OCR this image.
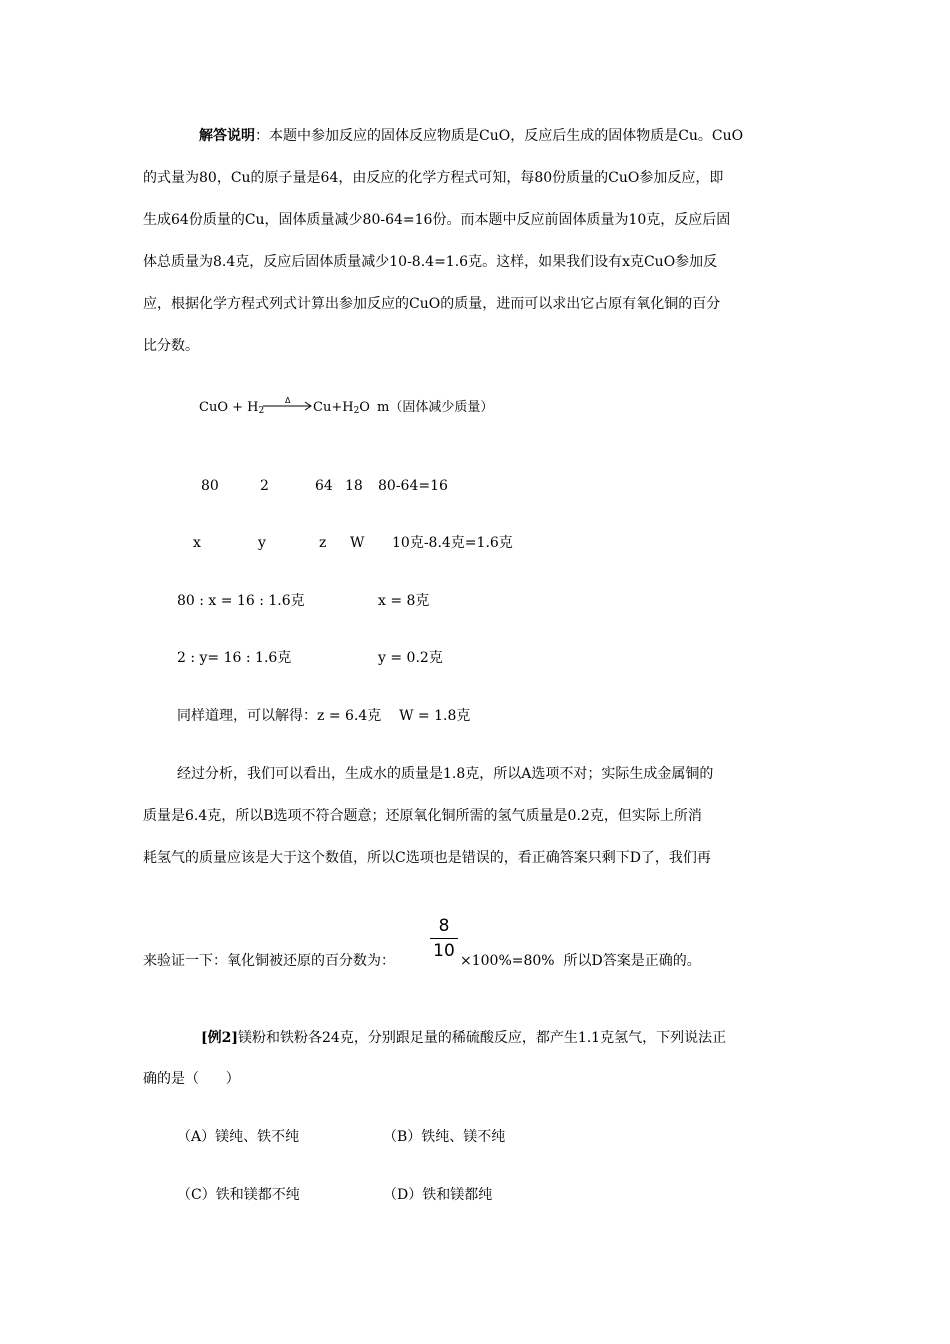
解答说明：本题中参加反应的固体反应物质是CuO，反应后生成的固体物质是Cu。CuO
的式量为80，Cu的原子量是64，由反应的化学方程式可知，每80份质量的CuO参加反应，即
生成64份质量的Cu，固体质量减少80-64=16份。而本题中反应前固体质量为10克，反应后固
体总质量为8.4克，反应后固体质量减少10-8.4=1.6克。这样，如果我们设有x克CuO参加反
应，根据化学方程式列式计算出参加反应的CuO的质量，进而可以求出它占原有氧化铜的百分
比分数。
CuO + $H_2$
Δ $Cu+H_2O$ m（固体减少质量）
80	2	64 18 80-64=16
x	y	z W 10克-8.4克=1.6克
80 : x = 16 : 1.6克	x = 8克
2 : y= 16 : 1.6克	y = 0.2克
同样道理，可以解得：z = 6.4克    W = 1.8克
经过分析，我们可以看出，生成水的质量是1.8克，所以A选项不对；实际生成金属铜的
质量是6.4克，所以B选项不符合题意；还原氧化铜所需的氢气质量是0.2克，但实际上所消
耗氢气的质量应该是大于这个数值，所以C选项也是错误的，看正确答案只剩下D了，我们再
来验证一下：氧化铜被还原的百分数为：
8
10 ×100%=80%  所以D答案是正确的。
[例2]镁粉和铁粉各24克，分别跟足量的稀硫酸反应，都产生1.1克氢气，下列说法正
确的是（      ）
（A）镁纯、铁不纯	（B）铁纯、镁不纯
（C）铁和镁都不纯	（D）铁和镁都纯
